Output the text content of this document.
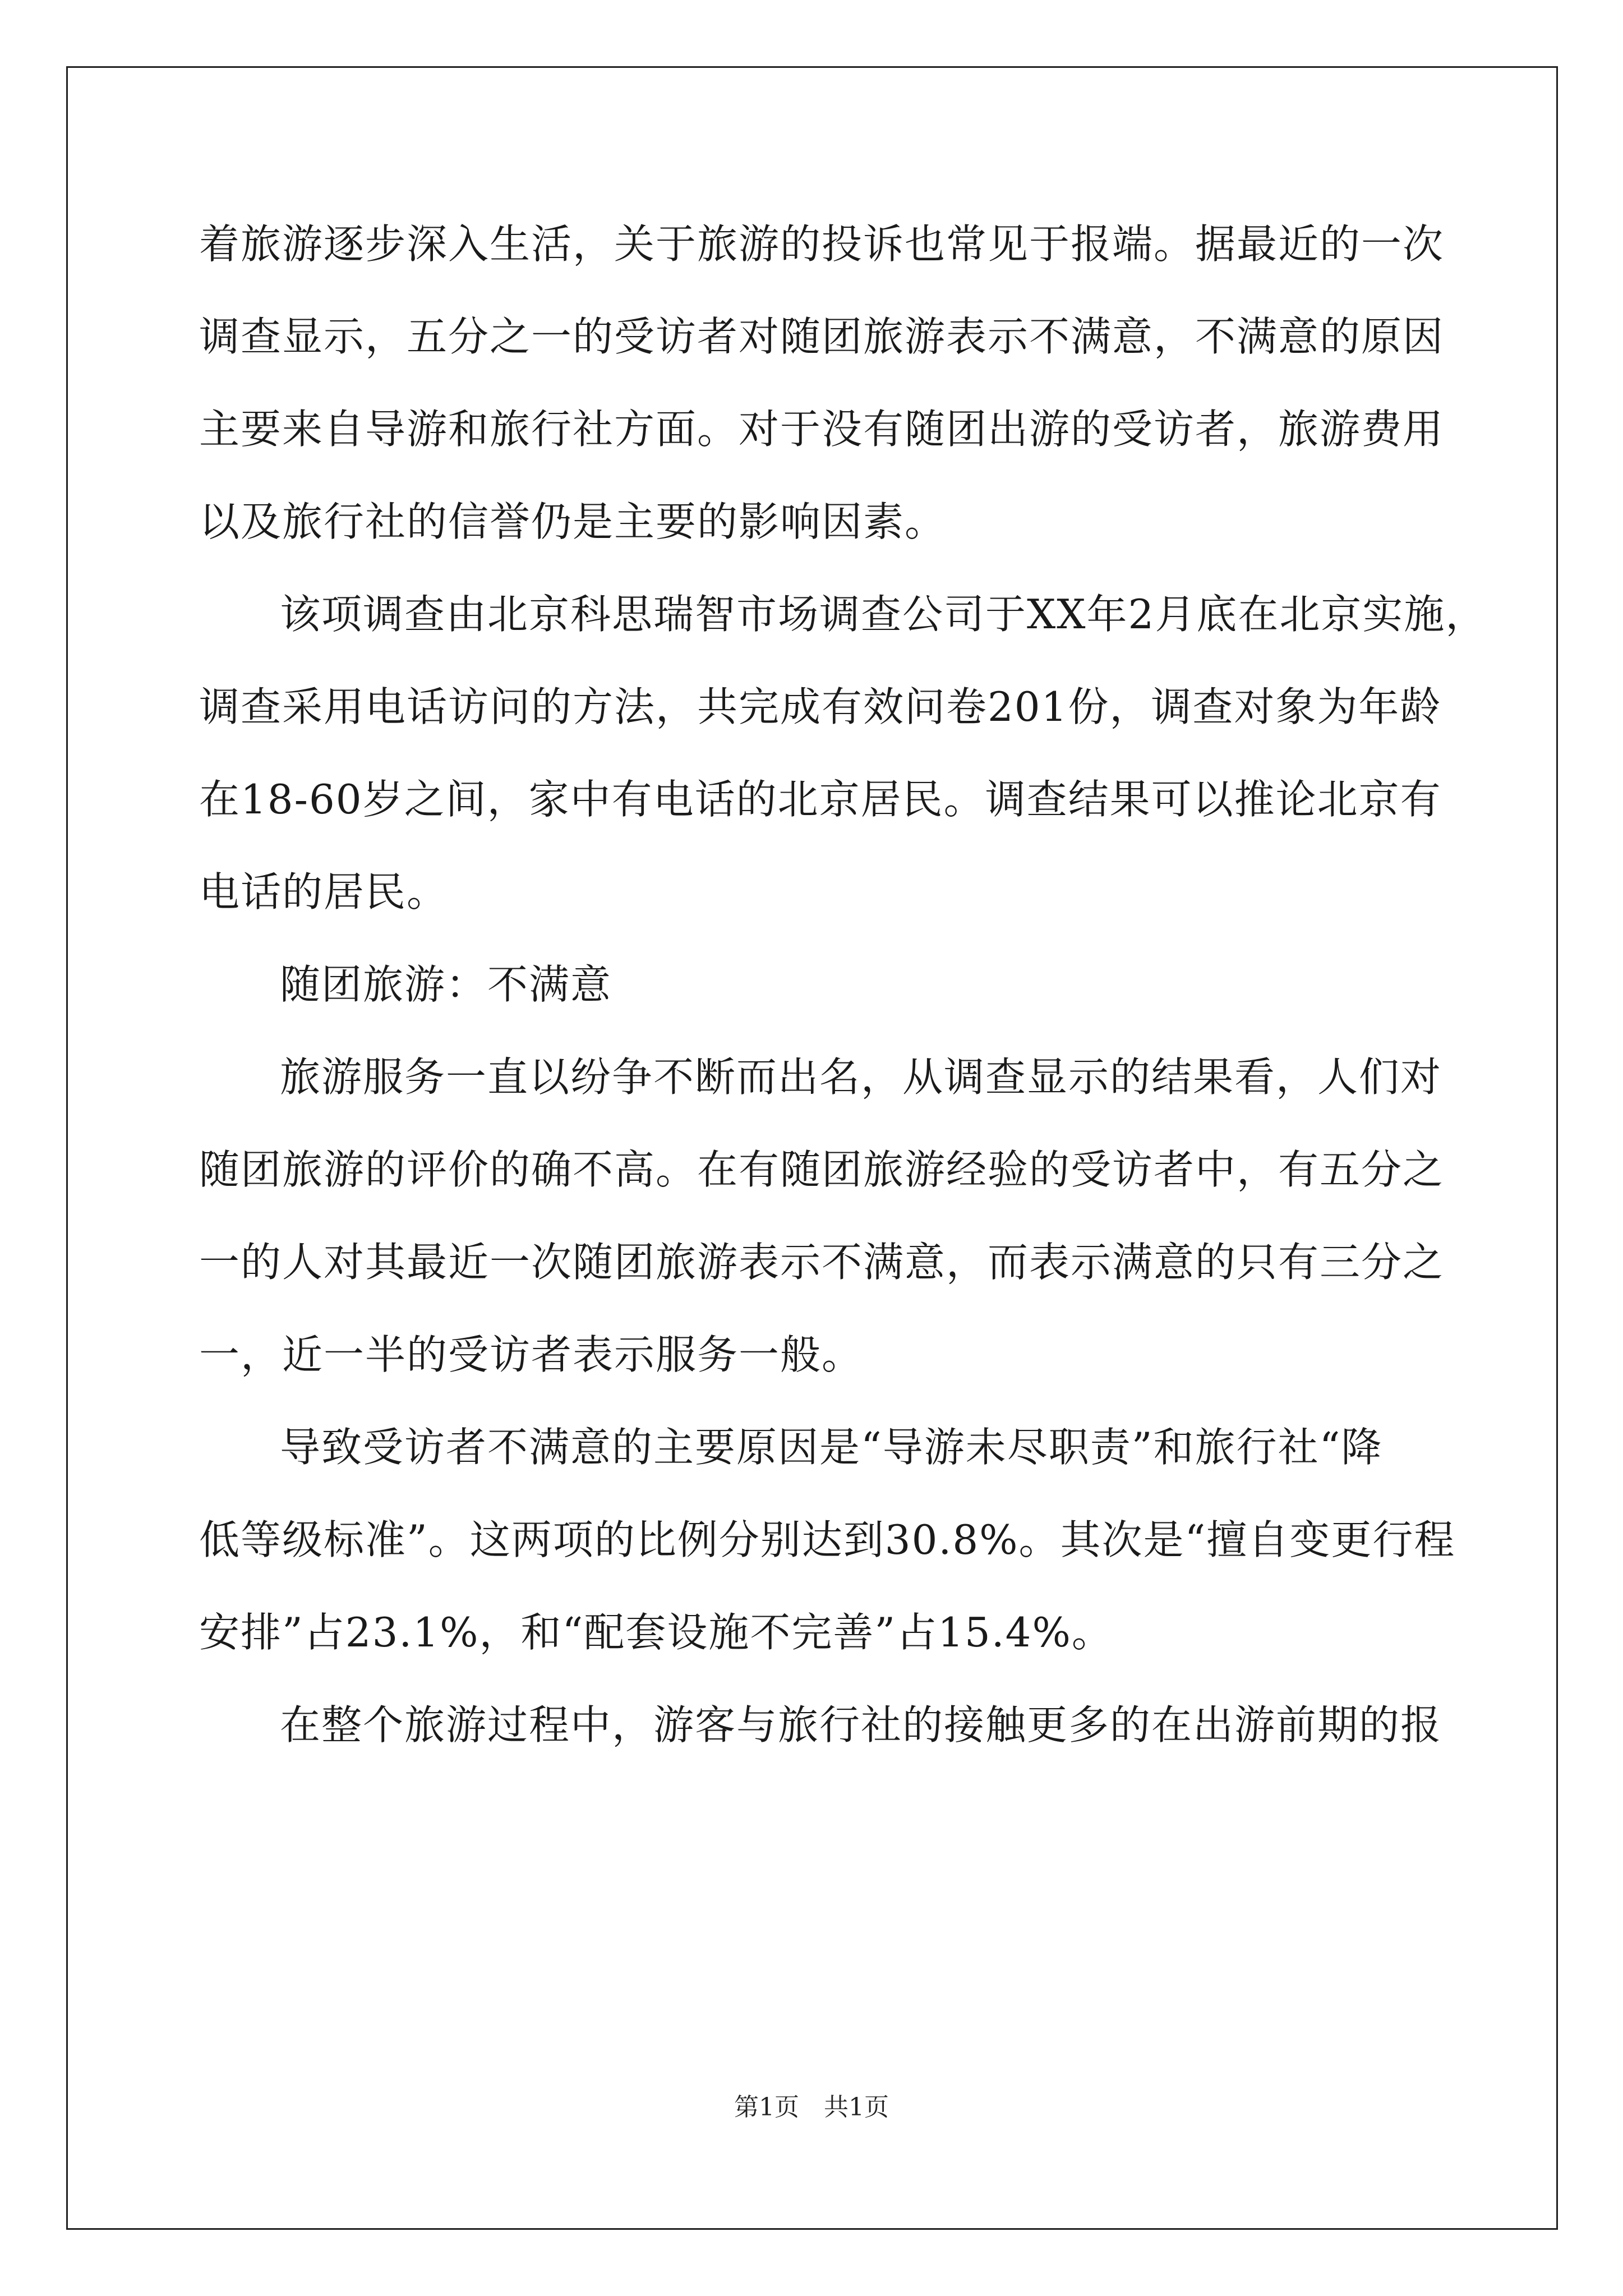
着旅游逐步深入生活，关于旅游的投诉也常见于报端。据最近的一次
调查显示，五分之一的受访者对随团旅游表示不满意，不满意的原因
主要来自导游和旅行社方面。对于没有随团出游的受访者，旅游费用
以及旅行社的信誉仍是主要的影响因素。
该项调查由北京科思瑞智市场调查公司于XX年2月底在北京实施，
调查采用电话访问的方法，共完成有效问卷201份，调查对象为年龄
在18-60岁之间，家中有电话的北京居民。调查结果可以推论北京有
电话的居民。
随团旅游：不满意
旅游服务一直以纷争不断而出名，从调查显示的结果看，人们对
随团旅游的评价的确不高。在有随团旅游经验的受访者中，有五分之
一的人对其最近一次随团旅游表示不满意，而表示满意的只有三分之
一，近一半的受访者表示服务一般。
导致受访者不满意的主要原因是“导游未尽职责”和旅行社“降
低等级标准”。这两项的比例分别达到30.8%。其次是“擅自变更行程
安排”占23.1%，和“配套设施不完善”占15.4%。
在整个旅游过程中，游客与旅行社的接触更多的在出游前期的报
第1页　共1页
